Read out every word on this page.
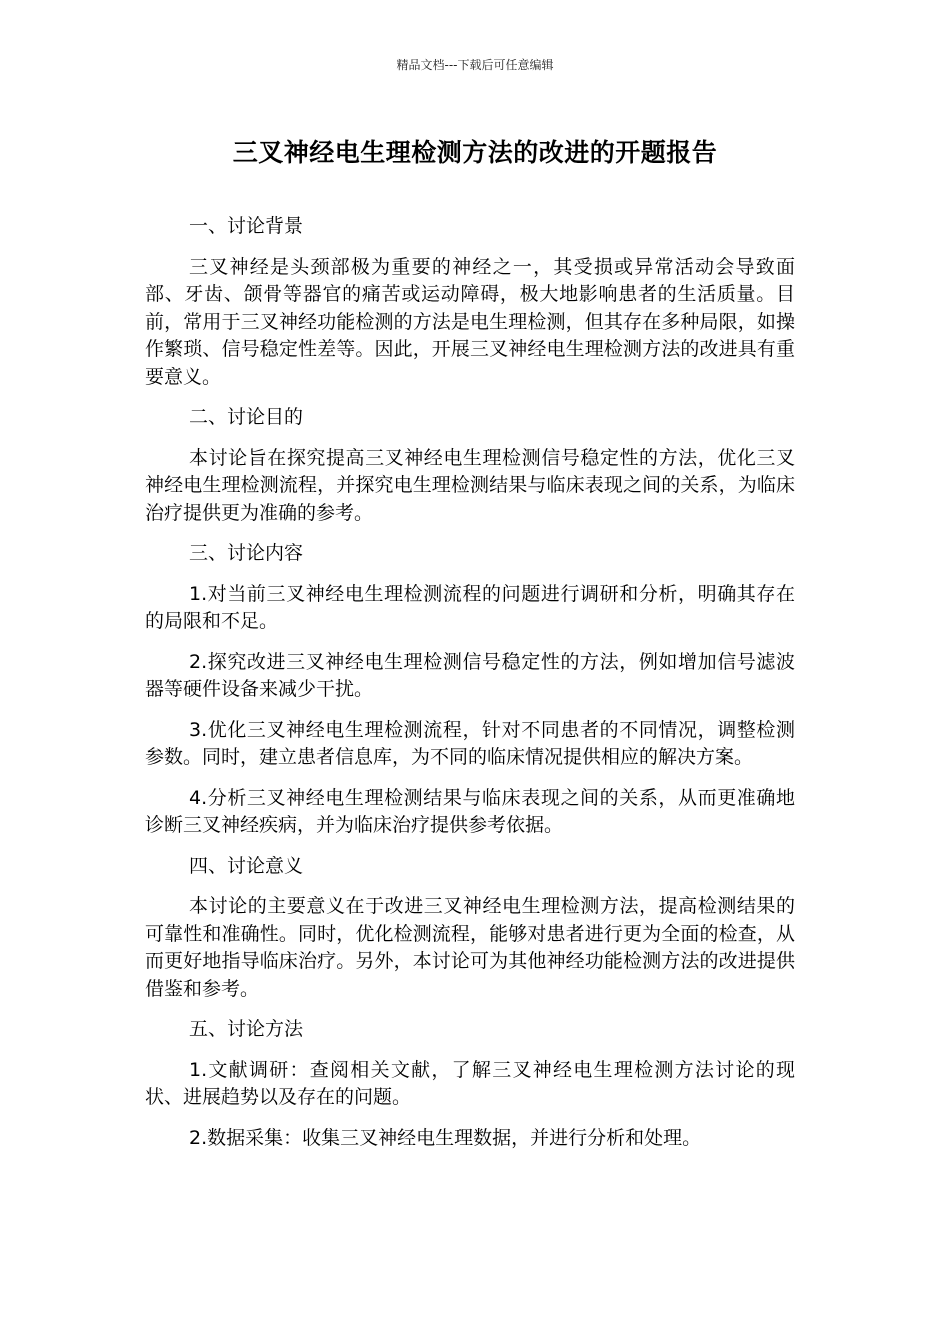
精品文档---下载后可任意编辑
三叉神经电生理检测方法的改进的开题报告

一、讨论背景

三叉神经是头颈部极为重要的神经之一，其受损或异常活动会导致面部、牙齿、颌骨等器官的痛苦或运动障碍，极大地影响患者的生活质量。目前，常用于三叉神经功能检测的方法是电生理检测，但其存在多种局限，如操作繁琐、信号稳定性差等。因此，开展三叉神经电生理检测方法的改进具有重要意义。

二、讨论目的

本讨论旨在探究提高三叉神经电生理检测信号稳定性的方法，优化三叉神经电生理检测流程，并探究电生理检测结果与临床表现之间的关系，为临床治疗提供更为准确的参考。

三、讨论内容

1.对当前三叉神经电生理检测流程的问题进行调研和分析，明确其存在的局限和不足。

2.探究改进三叉神经电生理检测信号稳定性的方法，例如增加信号滤波器等硬件设备来减少干扰。

3.优化三叉神经电生理检测流程，针对不同患者的不同情况，调整检测参数。同时，建立患者信息库，为不同的临床情况提供相应的解决方案。

4.分析三叉神经电生理检测结果与临床表现之间的关系，从而更准确地诊断三叉神经疾病，并为临床治疗提供参考依据。

四、讨论意义

本讨论的主要意义在于改进三叉神经电生理检测方法，提高检测结果的可靠性和准确性。同时，优化检测流程，能够对患者进行更为全面的检查，从而更好地指导临床治疗。另外，本讨论可为其他神经功能检测方法的改进提供借鉴和参考。

五、讨论方法

1.文献调研：查阅相关文献，了解三叉神经电生理检测方法讨论的现状、进展趋势以及存在的问题。

2.数据采集：收集三叉神经电生理数据，并进行分析和处理。
